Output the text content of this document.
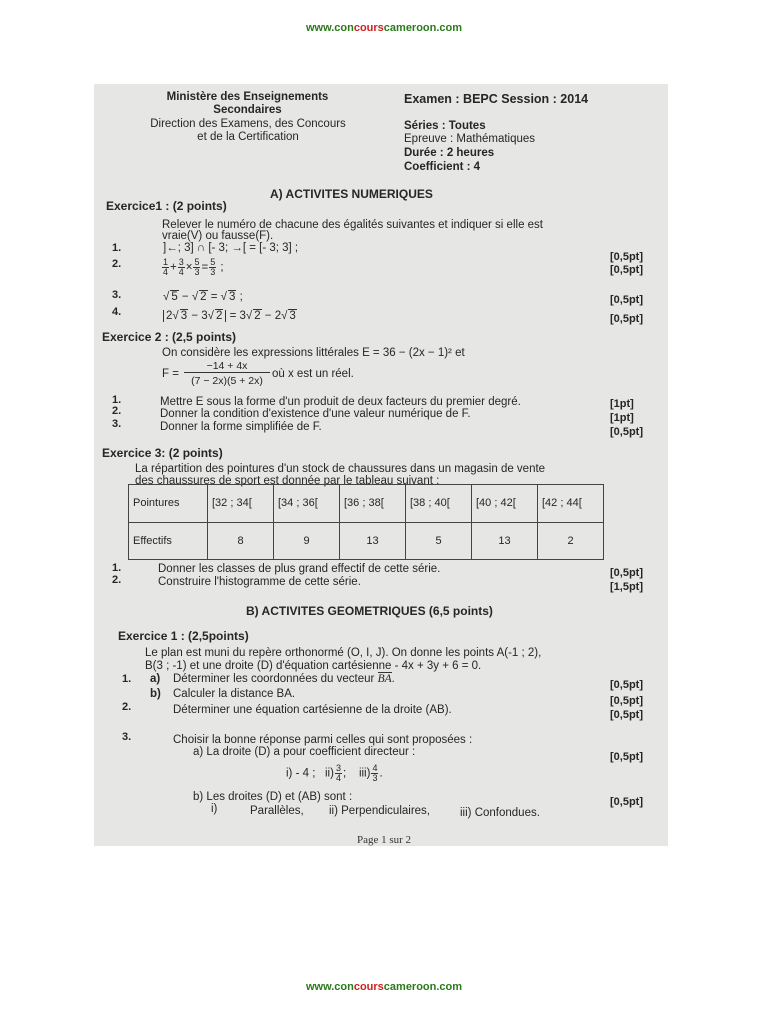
www.concourscameroon.com
Ministère des Enseignements
Secondaires
Direction des Examens, des Concours
et de la Certification
Examen : BEPC Session : 2014
Séries : Toutes
Epreuve : Mathématiques
Durée : 2 heures
Coefficient : 4
A) ACTIVITES NUMERIQUES
Exercice1 : (2 points)
Relever le numéro de chacune des égalités suivantes et indiquer si elle est
vraie(V) ou fausse(F).
1.	]←; 3] ∩ [- 3; →[ = [- 3; 3] ;
[0,5pt]
2.	$\frac{1}{4} + \frac{3}{4} \times \frac{5}{3} = \frac{5}{3}$ ;	[0,5pt]
3.	√ 5 − √ 2 = √ 3 ;	[0,5pt]
4.	2√ 3 − 3√ 2 = 3√ 2 − 2√ 3	[0,5pt]
Exercice 2 : (2,5 points)
On considère les expressions littérales E = 36 − (2x − 1)² et
F =
−14 + 4x
(7 − 2x)(5 + 2x)
où x est un réel.
1.	Mettre E sous la forme d'un produit de deux facteurs du premier degré.	[1pt]
2.	Donner la condition d'existence d'une valeur numérique de F.	[1pt]
3.	Donner la forme simplifiée de F.	[0,5pt]
Exercice 3: (2 points)
La répartition des pointures d'un stock de chaussures dans un magasin de vente
des chaussures de sport est donnée par le tableau suivant :
Pointures	[32 ; 34[	[34 ; 36[	[36 ; 38[	[38 ; 40[	[40 ; 42[	[42 ; 44[
Effectifs	8	9	13	5	13	2
1.	Donner les classes de plus grand effectif de cette série.	[0,5pt]
2.	Construire l'histogramme de cette série.	[1,5pt]
B) ACTIVITES GEOMETRIQUES (6,5 points)
Exercice 1 : (2,5points)
Le plan est muni du repère orthonormé (O, I, J). On donne les points A(-1 ; 2),
B(3 ; -1) et une droite (D) d'équation cartésienne - 4x + 3y + 6 = 0.
1. a) Déterminer les coordonnées du vecteur BA.	[0,5pt]
b) Calculer la distance BA.
[0,5pt]
2.	Déterminer une équation cartésienne de la droite (AB).	[0,5pt]
3.	Choisir la bonne réponse parmi celles qui sont proposées :
a) La droite (D) a pour coefficient directeur :	[0,5pt]
i) - 4 ; $ii) \frac{3}{4}$ ; $iii) \frac{4}{3}$ .
b) Les droites (D) et (AB) sont :	[0,5pt]
i)	Parallèles, ii) Perpendiculaires,	iii) Confondues.
Page 1 sur 2
www.concourscameroon.com
